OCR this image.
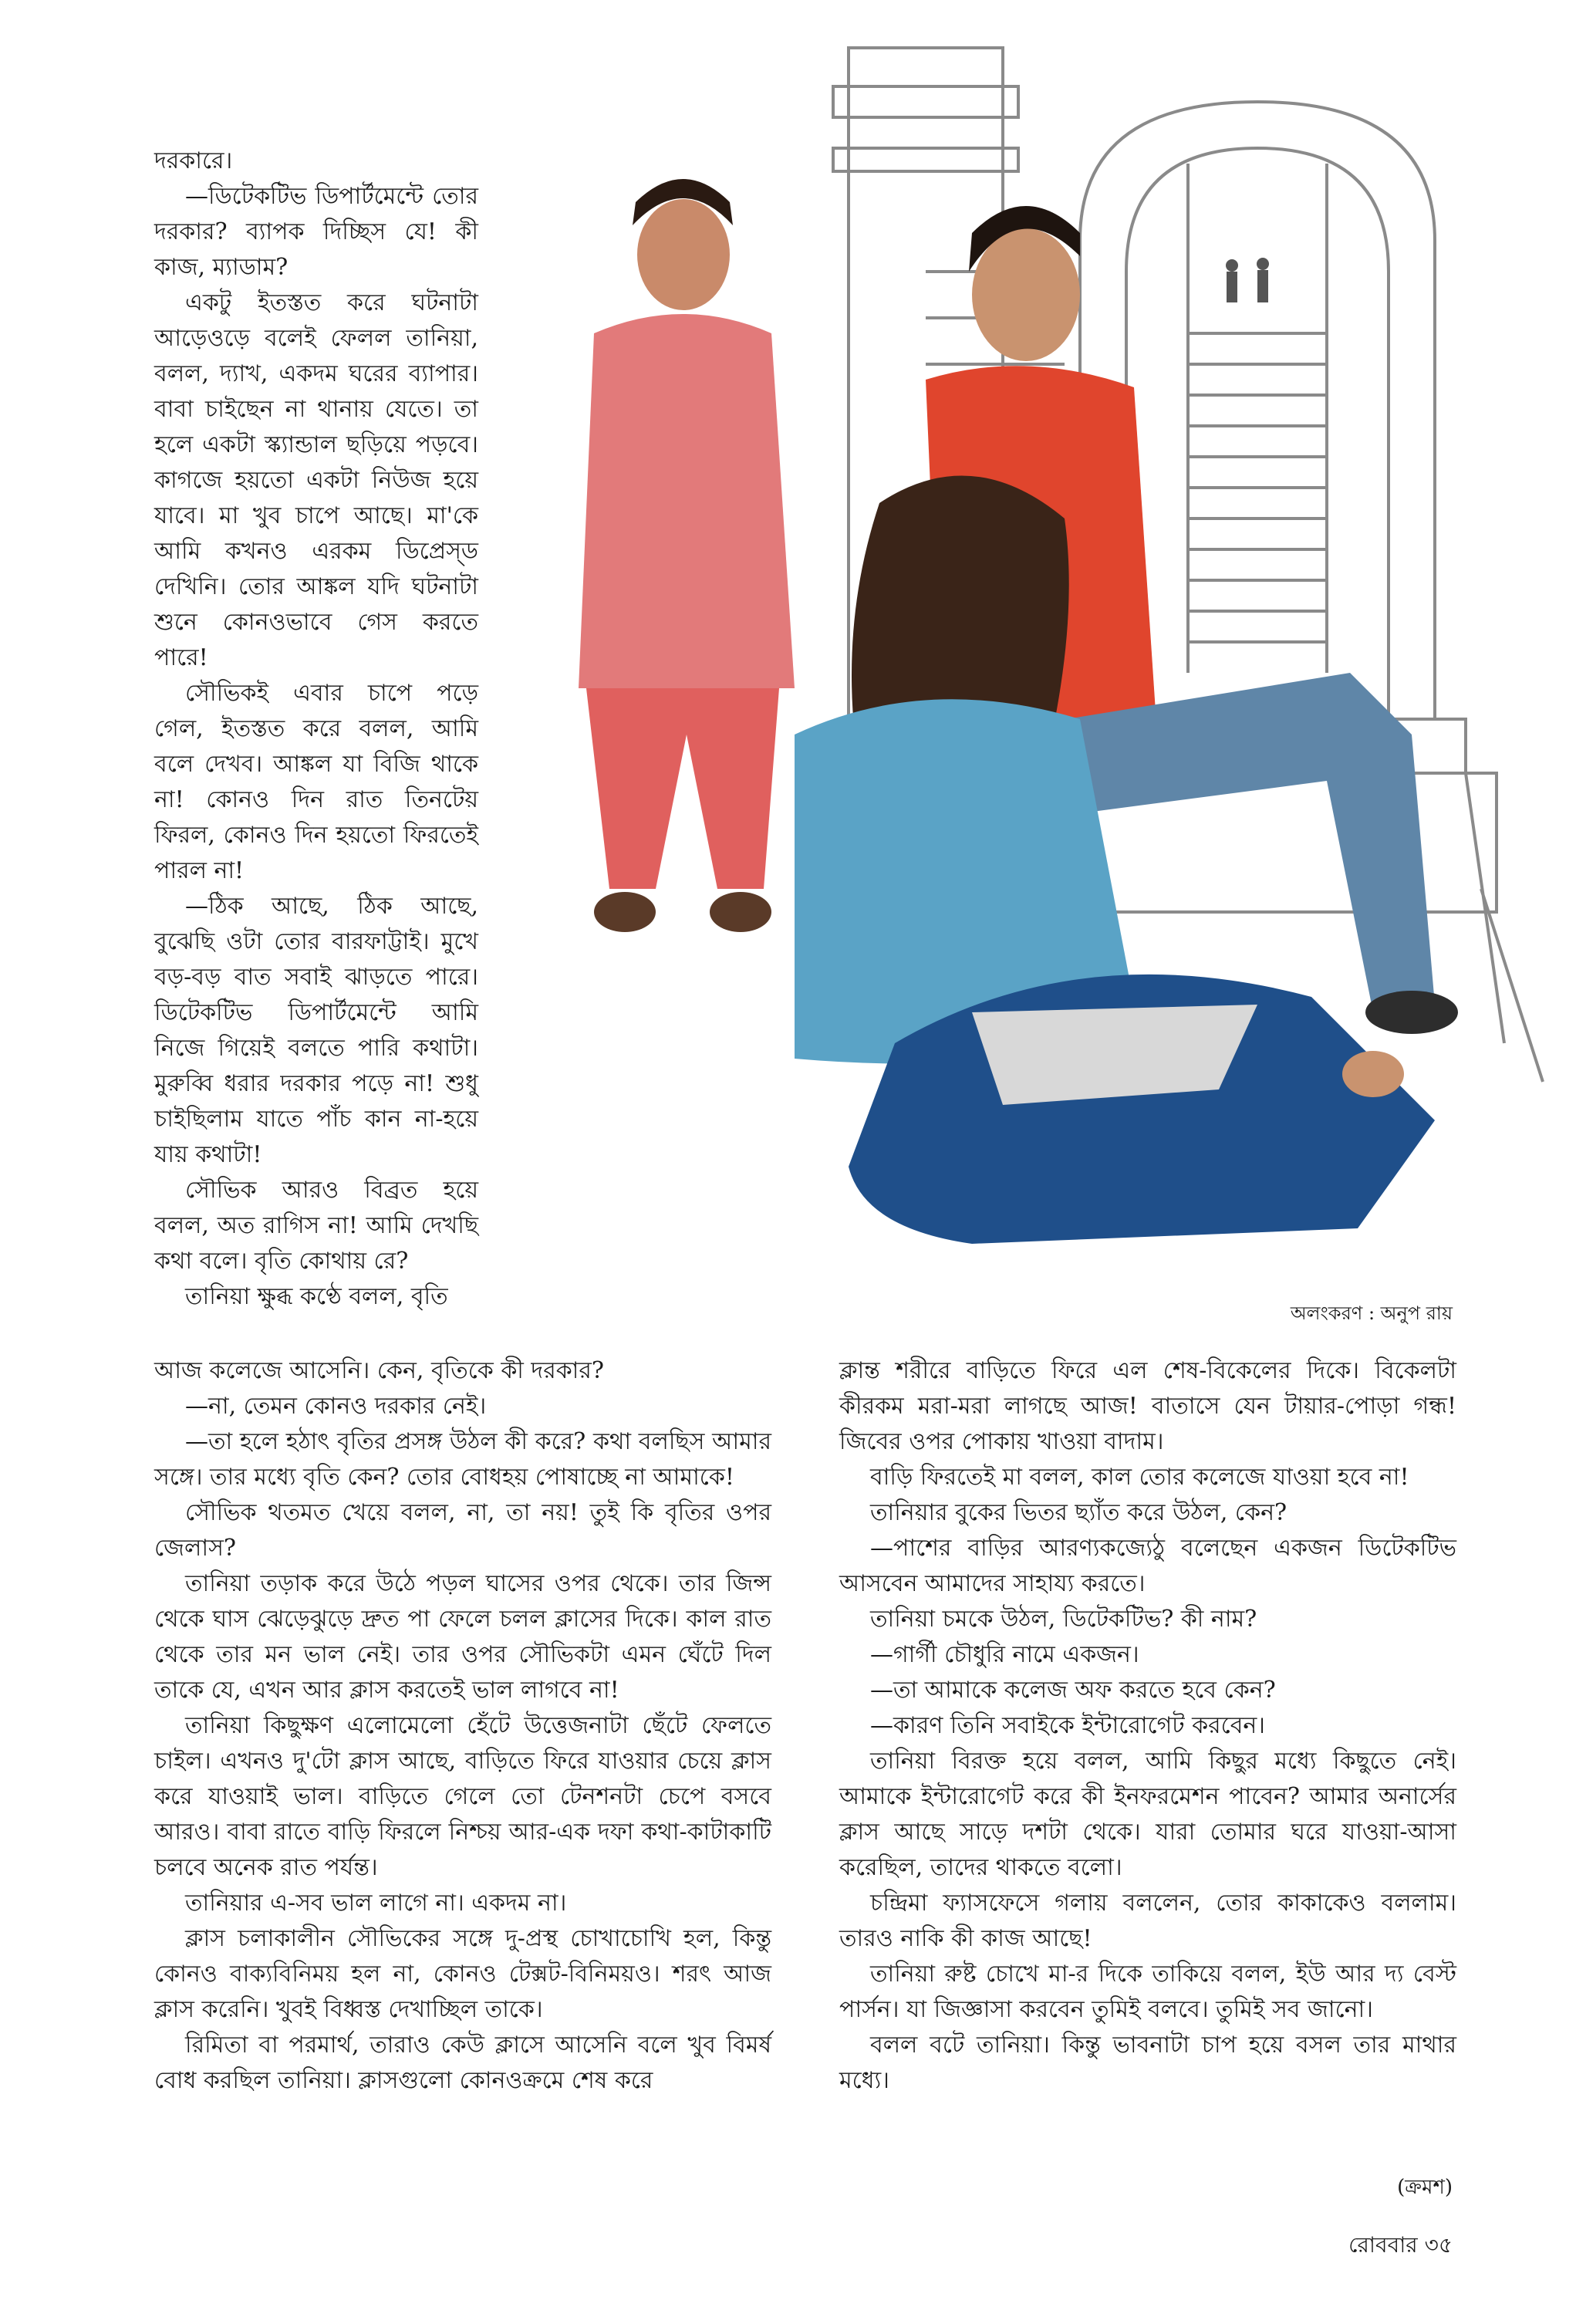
দরকারে।

—ডিটেকটিভ ডিপার্টমেন্টে তোর দরকার? ব্যাপক দিচ্ছিস যে! কী কাজ, ম্যাডাম?

একটু ইতস্তত করে ঘটনাটা আড়েওড়ে বলেই ফেলল তানিয়া, বলল, দ্যাখ, একদম ঘরের ব্যাপার। বাবা চাইছেন না থানায় যেতে। তা হলে একটা স্ক্যান্ডাল ছড়িয়ে পড়বে। কাগজে হয়তো একটা নিউজ হয়ে যাবে। মা খুব চাপে আছে। মা'কে আমি কখনও এরকম ডিপ্রেস্ড দেখিনি। তোর আঙ্কল যদি ঘটনাটা শুনে কোনওভাবে গেস করতে পারে!

সৌভিকই এবার চাপে পড়ে গেল, ইতস্তত করে বলল, আমি বলে দেখব। আঙ্কল যা বিজি থাকে না! কোনও দিন রাত তিনটেয় ফিরল, কোনও দিন হয়তো ফিরতেই পারল না!

—ঠিক আছে, ঠিক আছে, বুঝেছি ওটা তোর বারফাট্টাই। মুখে বড়-বড় বাত সবাই ঝাড়তে পারে। ডিটেকটিভ ডিপার্টমেন্টে আমি নিজে গিয়েই বলতে পারি কথাটা। মুরুব্বি ধরার দরকার পড়ে না! শুধু চাইছিলাম যাতে পাঁচ কান না-হয়ে যায় কথাটা!

সৌভিক আরও বিব্রত হয়ে বলল, অত রাগিস না! আমি দেখছি কথা বলে। বৃতি কোথায় রে?

তানিয়া ক্ষুব্ধ কণ্ঠে বলল, বৃতি

অলংকরণ : অনুপ রায়

আজ কলেজে আসেনি। কেন, বৃতিকে কী দরকার?

—না, তেমন কোনও দরকার নেই।

—তা হলে হঠাৎ বৃতির প্রসঙ্গ উঠল কী করে? কথা বলছিস আমার সঙ্গে। তার মধ্যে বৃতি কেন? তোর বোধহয় পোষাচ্ছে না আমাকে!

সৌভিক থতমত খেয়ে বলল, না, তা নয়! তুই কি বৃতির ওপর জেলাস?

তানিয়া তড়াক করে উঠে পড়ল ঘাসের ওপর থেকে। তার জিন্স থেকে ঘাস ঝেড়েঝুড়ে দ্রুত পা ফেলে চলল ক্লাসের দিকে। কাল রাত থেকে তার মন ভাল নেই। তার ওপর সৌভিকটা এমন ঘেঁটে দিল তাকে যে, এখন আর ক্লাস করতেই ভাল লাগবে না!

তানিয়া কিছুক্ষণ এলোমেলো হেঁটে উত্তেজনাটা ছেঁটে ফেলতে চাইল। এখনও দু'টো ক্লাস আছে, বাড়িতে ফিরে যাওয়ার চেয়ে ক্লাস করে যাওয়াই ভাল। বাড়িতে গেলে তো টেনশনটা চেপে বসবে আরও। বাবা রাতে বাড়ি ফিরলে নিশ্চয় আর-এক দফা কথা-কাটাকাটি চলবে অনেক রাত পর্যন্ত।

তানিয়ার এ-সব ভাল লাগে না। একদম না।

ক্লাস চলাকালীন সৌভিকের সঙ্গে দু-প্রস্থ চোখাচোখি হল, কিন্তু কোনও বাক্যবিনিময় হল না, কোনও টেক্সট-বিনিময়ও। শরৎ আজ ক্লাস করেনি। খুবই বিধ্বস্ত দেখাচ্ছিল তাকে।

রিমিতা বা পরমার্থ, তারাও কেউ ক্লাসে আসেনি বলে খুব বিমর্ষ বোধ করছিল তানিয়া। ক্লাসগুলো কোনওক্রমে শেষ করে

ক্লান্ত শরীরে বাড়িতে ফিরে এল শেষ-বিকেলের দিকে। বিকেলটা কীরকম মরা-মরা লাগছে আজ! বাতাসে যেন টায়ার-পোড়া গন্ধ! জিবের ওপর পোকায় খাওয়া বাদাম।

বাড়ি ফিরতেই মা বলল, কাল তোর কলেজে যাওয়া হবে না!

তানিয়ার বুকের ভিতর ছ্যাঁত করে উঠল, কেন?

—পাশের বাড়ির আরণ্যকজ্যেঠু বলেছেন একজন ডিটেকটিভ আসবেন আমাদের সাহায্য করতে।

তানিয়া চমকে উঠল, ডিটেকটিভ? কী নাম?

—গার্গী চৌধুরি নামে একজন।

—তা আমাকে কলেজ অফ করতে হবে কেন?

—কারণ তিনি সবাইকে ইন্টারোগেট করবেন।

তানিয়া বিরক্ত হয়ে বলল, আমি কিছুর মধ্যে কিছুতে নেই। আমাকে ইন্টারোগেট করে কী ইনফরমেশন পাবেন? আমার অনার্সের ক্লাস আছে সাড়ে দশটা থেকে। যারা তোমার ঘরে যাওয়া-আসা করেছিল, তাদের থাকতে বলো।

চন্দ্রিমা ফ্যাসফেসে গলায় বললেন, তোর কাকাকেও বললাম। তারও নাকি কী কাজ আছে!

তানিয়া রুষ্ট চোখে মা-র দিকে তাকিয়ে বলল, ইউ আর দ্য বেস্ট পার্সন। যা জিজ্ঞাসা করবেন তুমিই বলবে। তুমিই সব জানো।

বলল বটে তানিয়া। কিন্তু ভাবনাটা চাপ হয়ে বসল তার মাথার মধ্যে।

(ক্রমশ)
রোববার ৩৫
